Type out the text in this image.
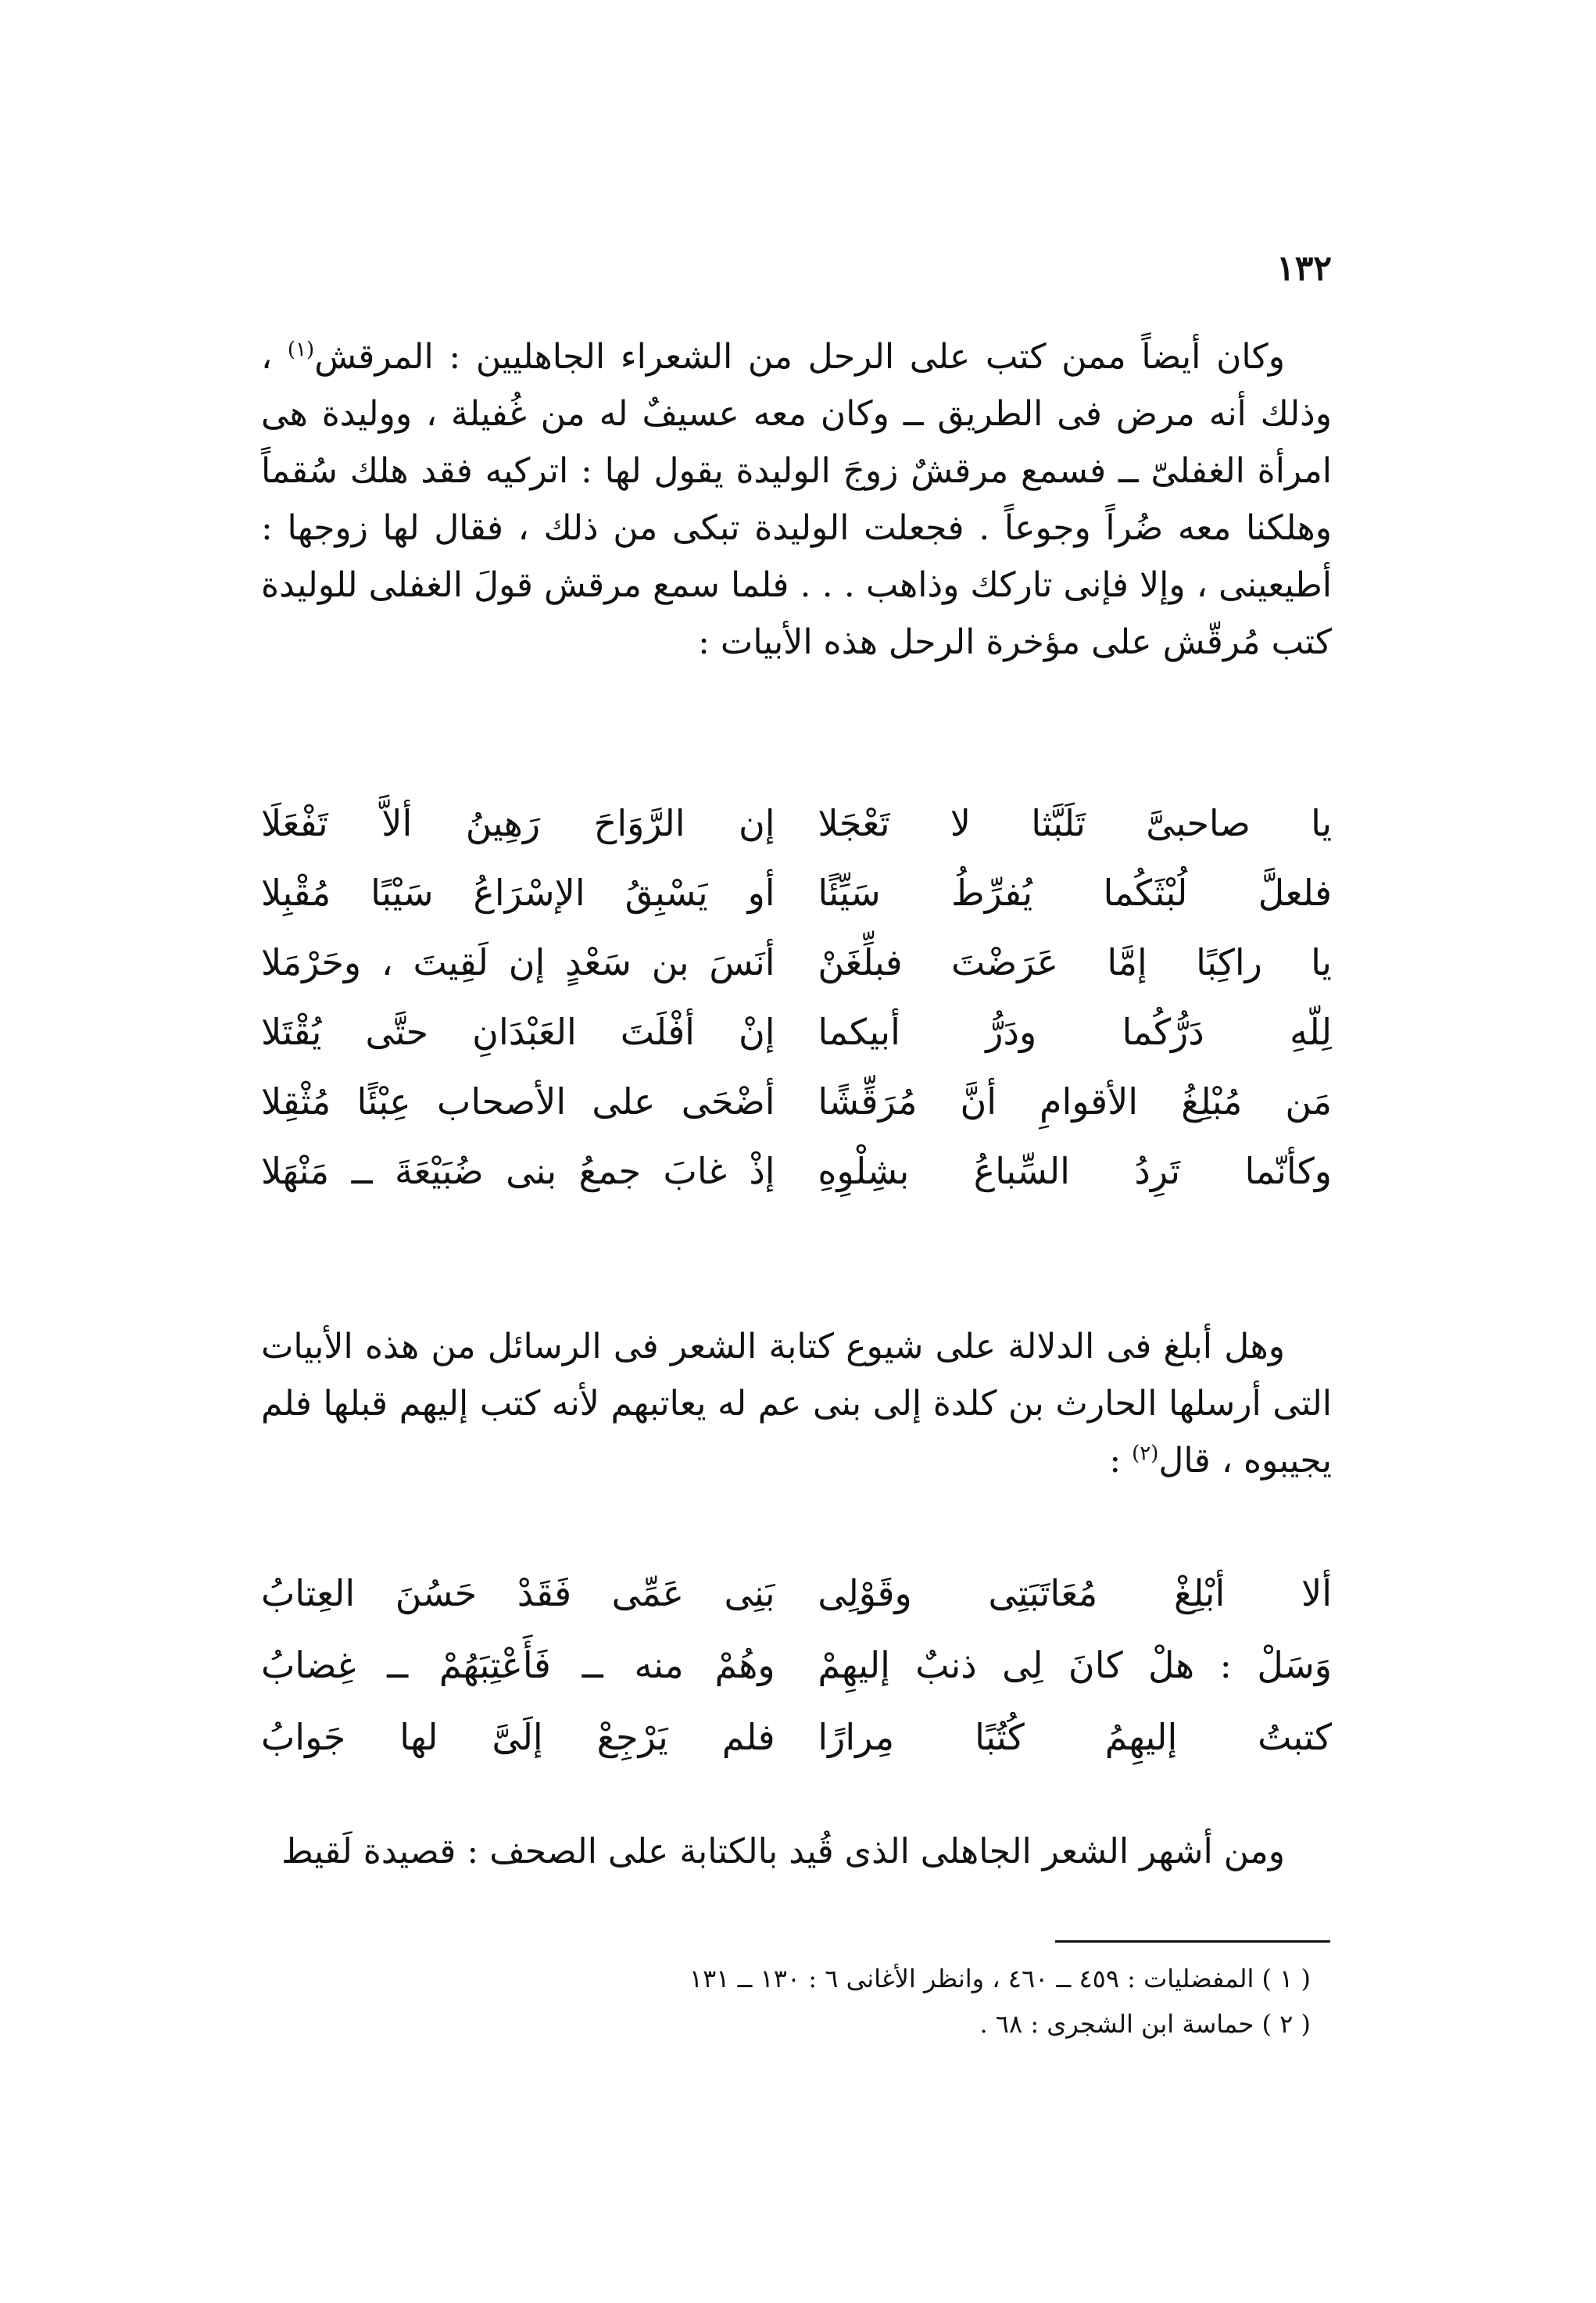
١٣٢

وكان أيضاً ممن كتب على الرحل من الشعراء الجاهليين : المرقش$^{(١)}$ ، وذلك أنه مرض فى الطريق ــ وكان معه عسيفٌ له من غُفيلة ، ووليدة هى امرأة الغفلىّ ــ فسمع مرقشٌ زوجَ الوليدة يقول لها : اتركيه فقد هلك سُقماً وهلكنا معه ضُراً وجوعاً . فجعلت الوليدة تبكى من ذلك ، فقال لها زوجها : أطيعينى ، وإلا فإنى تاركك وذاهب . . . فلما سمع مرقش قولَ الغفلى للوليدة كتب مُرقّش على مؤخرة الرحل هذه الأبيات :

يا صاحبىَّ تَلَبَّثا لا تَعْجَلا
إن الرَّوَاحَ رَهِينُ ألاَّ تَفْعَلَا
فلعلَّ لُبْثَكُما يُفرِّطُ سَيِّئًا
أو يَسْبِقُ الإسْرَاعُ سَيْبًا مُقْبِلا
يا راكِبًا إمَّا عَرَضْتَ فبلِّغَنْ
أنَسَ بن سَعْدٍ إن لَقِيتَ ، وحَرْمَلا
لِلّهِ دَرُّكُما ودَرُّ أبيكما
إنْ أفْلَتَ العَبْدَانِ حتَّى يُقْتَلا
مَن مُبْلِغُ الأقوامِ أنَّ مُرَقِّشًا
أضْحَى على الأصحاب عِبْئًا مُثْقِلا
وكأنّما تَرِدُ السِّباعُ بشِلْوِهِ
إذْ غابَ جمعُ بنى ضُبَيْعَةَ ــ مَنْهَلا

وهل أبلغ فى الدلالة على شيوع كتابة الشعر فى الرسائل من هذه الأبيات التى أرسلها الحارث بن كلدة إلى بنى عم له يعاتبهم لأنه كتب إليهم قبلها فلم يجيبوه ، قال$^{(٢)}$ :

ألا أبْلِغْ مُعَاتَبَتِى وقَوْلِى
بَنِى عَمِّى فَقَدْ حَسُنَ العِتابُ
وَسَلْ : هلْ كانَ لِى ذنبٌ إليهِمْ
وهُمْ منه ــ فَأَعْتِبَهُمْ ــ غِضابُ
كتبتُ إليهِمُ كُتُبًا مِرارًا
فلم يَرْجِعْ إلَىَّ لها جَوابُ

ومن أشهر الشعر الجاهلى الذى قُيد بالكتابة على الصحف : قصيدة لَقيط

( ١ ) المفضليات : ٤٥٩ ــ ٤٦٠ ، وانظر الأغانى ٦ : ١٣٠ ــ ١٣١
( ٢ ) حماسة ابن الشجرى : ٦٨ .
